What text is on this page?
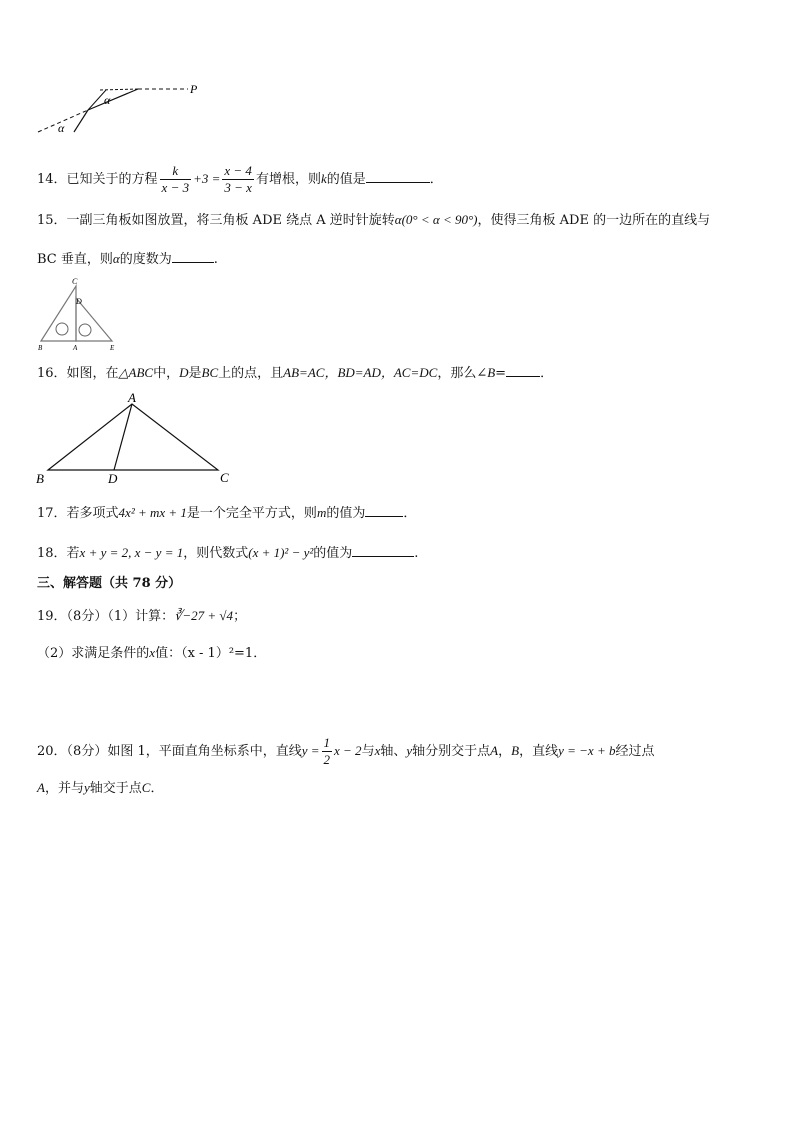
P
α
α
14．已知关于的方程 $\frac{k}{x - 3} +3 = \frac{x - 4}{3 - x}$ 有增根，则k的值是	．
15．一副三角板如图放置，将三角板 ADE 绕点 A 逆时针旋转α(0° < α < 90°)，使得三角板 ADE 的一边所在的直线与
BC 垂直，则α的度数为	.
C
D
B	A	E
16．如图，在△ABC中，D是BC上的点，且AB=AC，BD=AD，AC=DC，那么∠B=	．
A
B	D	C
17．若多项式4x² + mx + 1是一个完全平方式，则m的值为	．
18．若x + y = 2, x − y = 1，则代数式(x + 1)² − y²的值为	.
三、解答题（共 78 分）
19．（8分）（1）计算：∛−27 + √4；
（2）求满足条件的x值：（x - 1）²=1．
20．（8分）如图 1，平面直角坐标系中，直线$y = \frac{1}{2}$ x − 2与x轴、y轴分别交于点A，B，直线y = −x + b经过点
A，并与y轴交于点C．
